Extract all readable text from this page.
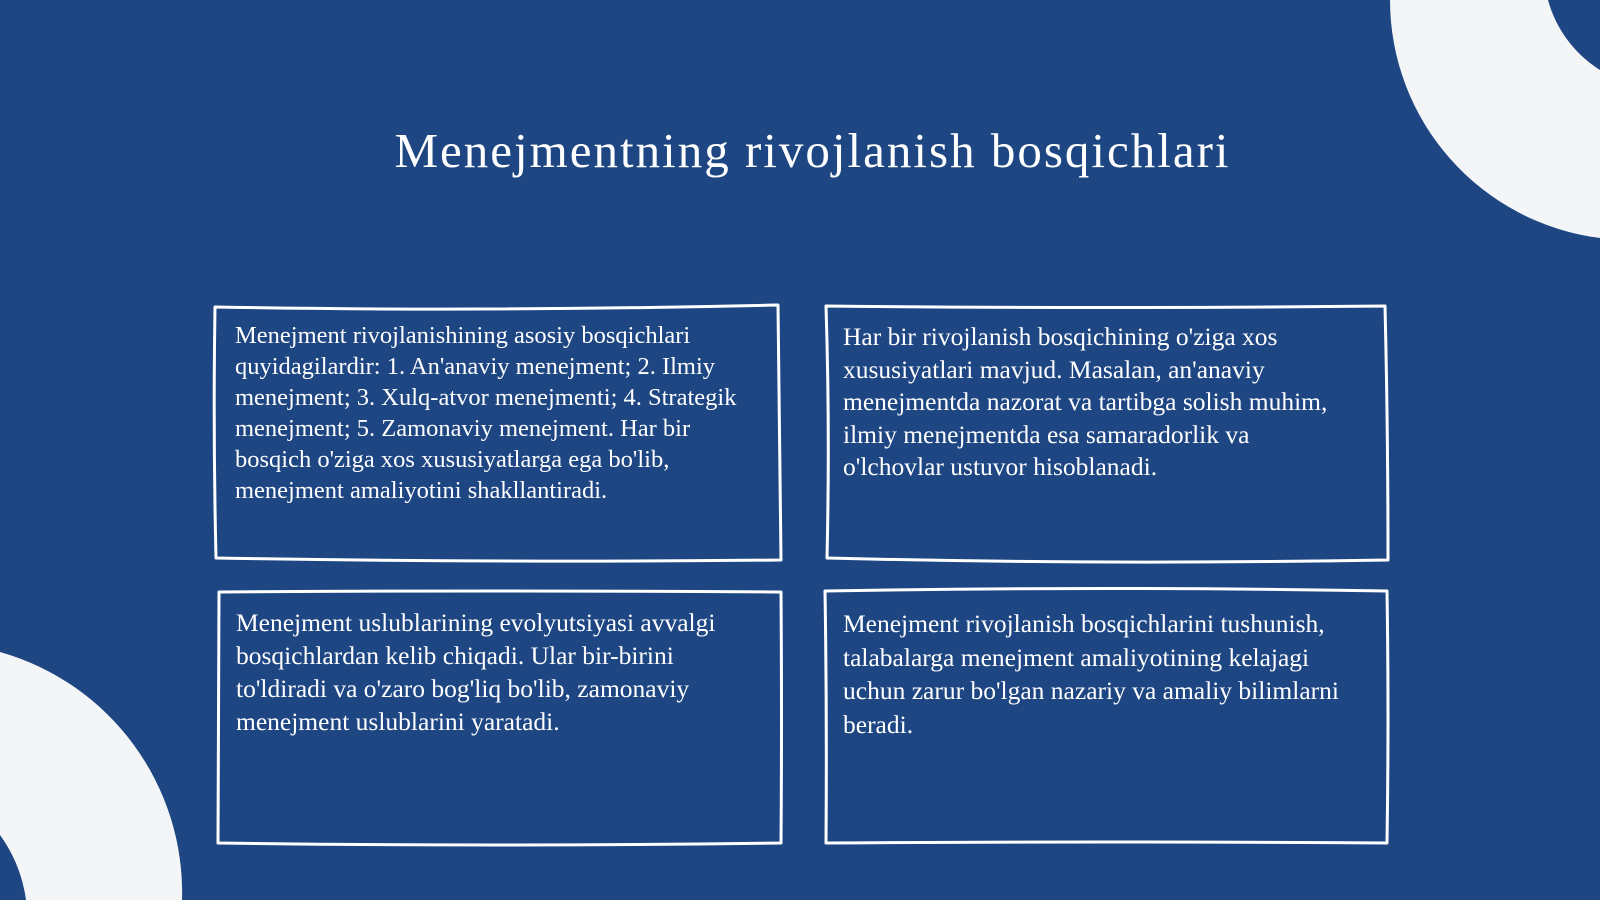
Menejmentning rivojlanish bosqichlari

Menejment rivojlanishining asosiy bosqichlari quyidagilardir: 1. An'anaviy menejment; 2. Ilmiy menejment; 3. Xulq-atvor menejmenti; 4. Strategik menejment; 5. Zamonaviy menejment. Har bir bosqich o'ziga xos xususiyatlarga ega bo'lib, menejment amaliyotini shakllantiradi.

Har bir rivojlanish bosqichining o'ziga xos xususiyatlari mavjud. Masalan, an'anaviy menejmentda nazorat va tartibga solish muhim, ilmiy menejmentda esa samaradorlik va o'lchovlar ustuvor hisoblanadi.

Menejment uslublarining evolyutsiyasi avvalgi bosqichlardan kelib chiqadi. Ular bir-birini to'ldiradi va o'zaro bog'liq bo'lib, zamonaviy menejment uslublarini yaratadi.

Menejment rivojlanish bosqichlarini tushunish, talabalarga menejment amaliyotining kelajagi uchun zarur bo'lgan nazariy va amaliy bilimlarni beradi.
